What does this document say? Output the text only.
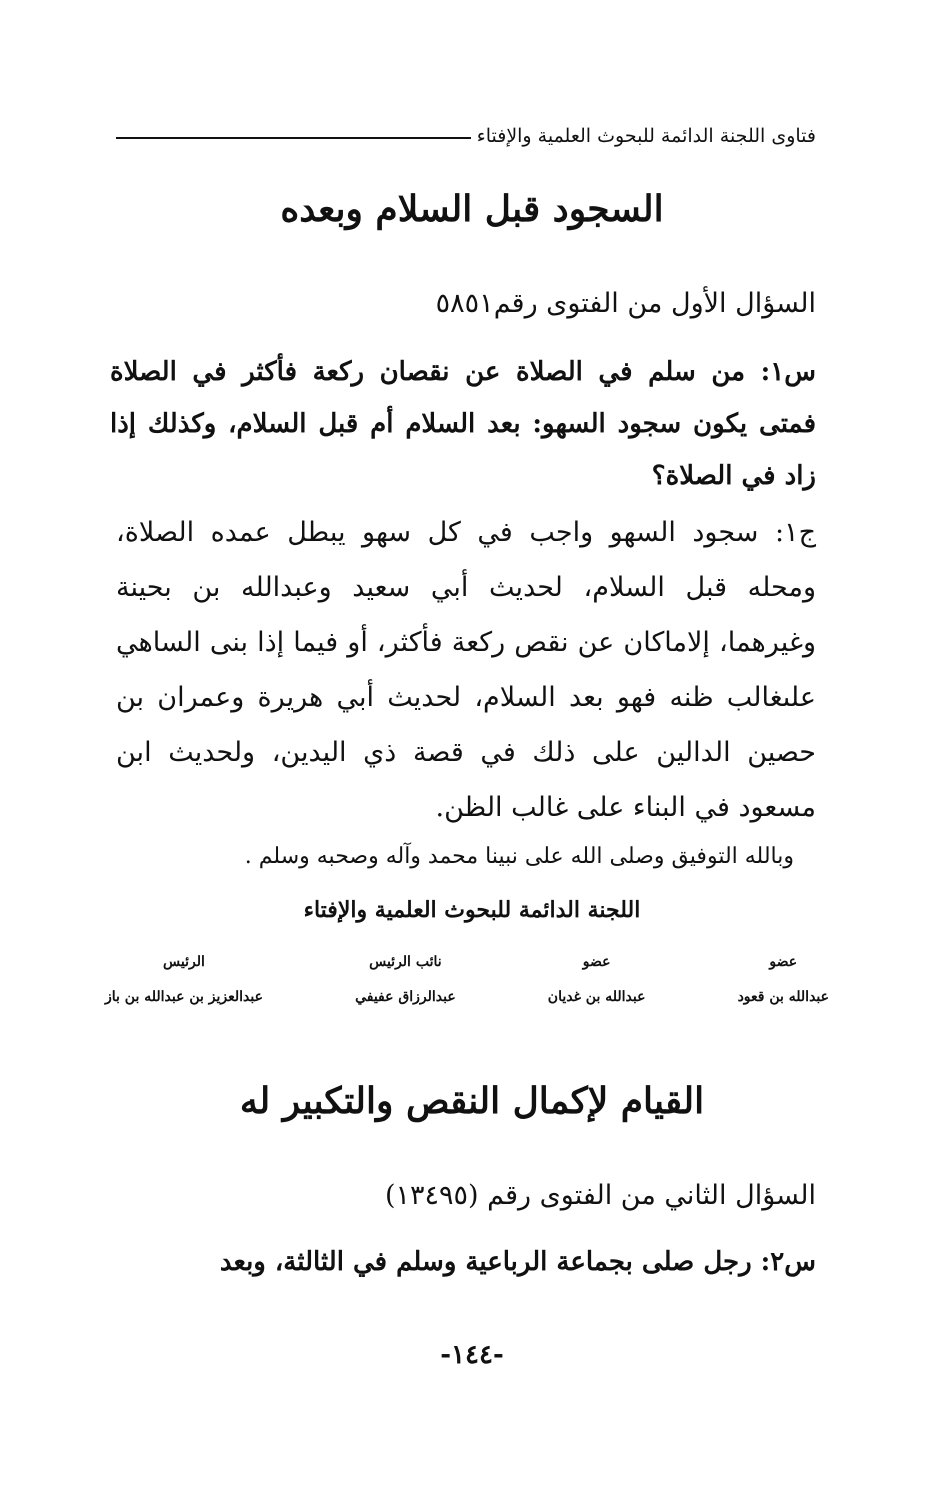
فتاوى اللجنة الدائمة للبحوث العلمية والإفتاء
السجود قبل السلام وبعده
السؤال الأول من الفتوى رقم٥٨٥١
س١: من سلم في الصلاة عن نقصان ركعة فأكثر في الصلاة فمتى يكون سجود السهو: بعد السلام أم قبل السلام، وكذلك إذا زاد في الصلاة؟
ج١: سجود السهو واجب في كل سهو يبطل عمده الصلاة، ومحله قبل السلام، لحديث أبي سعيد وعبدالله بن بحينة وغيرهما، إلاماكان عن نقص ركعة فأكثر، أو فيما إذا بنى الساهي علىغالب ظنه فهو بعد السلام، لحديث أبي هريرة وعمران بن حصين الدالين على ذلك في قصة ذي اليدين، ولحديث ابن مسعود في البناء على غالب الظن.
وبالله التوفيق وصلى الله على نبينا محمد وآله وصحبه وسلم .
اللجنة الدائمة للبحوث العلمية والإفتاء
عضو
عبدالله بن قعود
عضو
عبدالله بن غديان
نائب الرئيس
عبدالرزاق عفيفي
الرئيس
عبدالعزيز بن عبدالله بن باز
القيام لإكمال النقص والتكبير له
السؤال الثاني من الفتوى رقم (١٣٤٩٥)
س٢: رجل صلى بجماعة الرباعية وسلم في الثالثة، وبعد
-١٤٤-
